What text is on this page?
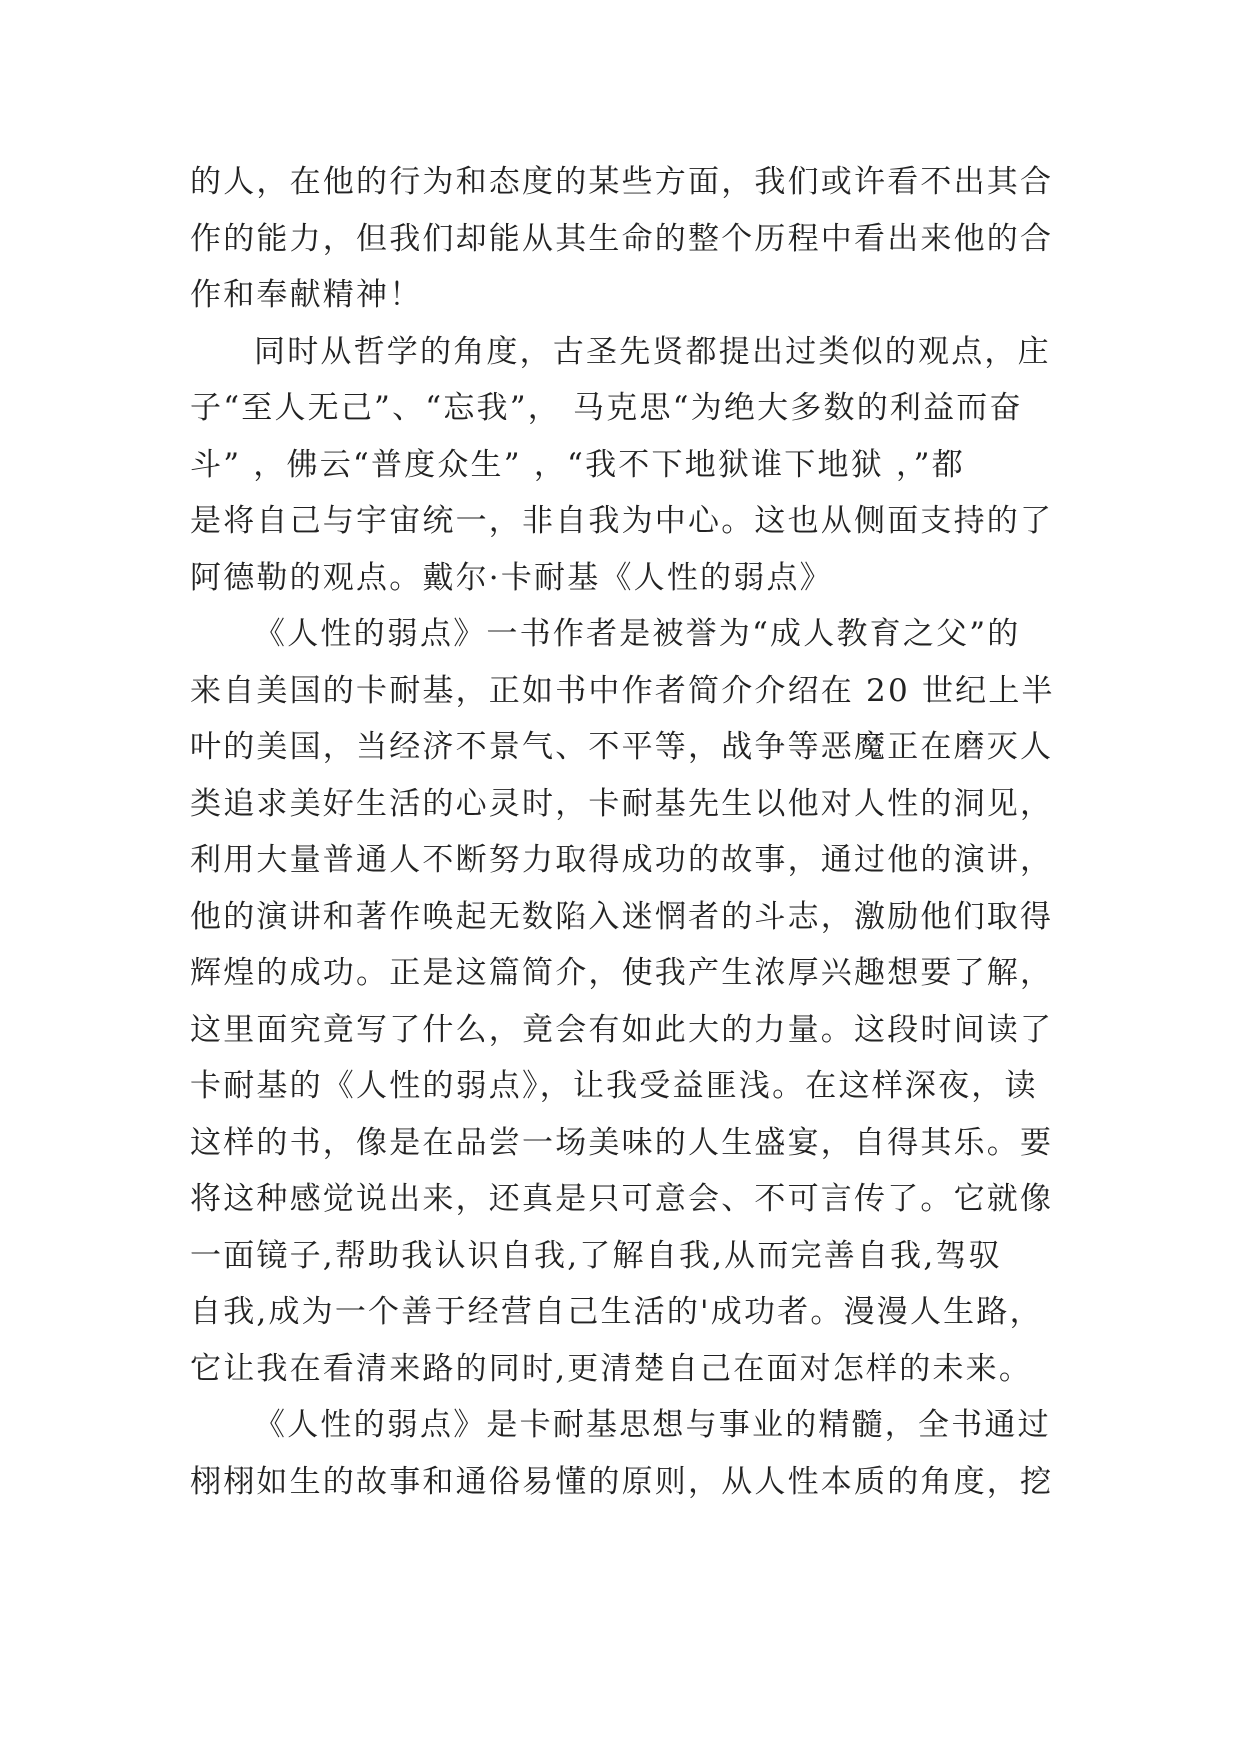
的人，在他的行为和态度的某些方面，我们或许看不出其合
作的能力，但我们却能从其生命的整个历程中看出来他的合
作和奉献精神！
同时从哲学的角度，古圣先贤都提出过类似的观点，庄
子“至人无己”、“忘我”， 马克思“为绝大多数的利益而奋
斗” ，佛云“普度众生” ，“我不下地狱谁下地狱 ，”都
是将自己与宇宙统一，非自我为中心。这也从侧面支持的了
阿德勒的观点。戴尔·卡耐基《人性的弱点》
《人性的弱点》一书作者是被誉为“成人教育之父”的
来自美国的卡耐基，正如书中作者简介介绍在 20 世纪上半
叶的美国，当经济不景气、不平等，战争等恶魔正在磨灭人
类追求美好生活的心灵时，卡耐基先生以他对人性的洞见，
利用大量普通人不断努力取得成功的故事，通过他的演讲，
他的演讲和著作唤起无数陷入迷惘者的斗志，激励他们取得
辉煌的成功。正是这篇简介，使我产生浓厚兴趣想要了解，
这里面究竟写了什么，竟会有如此大的力量。这段时间读了
卡耐基的《人性的弱点》，让我受益匪浅。在这样深夜，读
这样的书，像是在品尝一场美味的人生盛宴，自得其乐。要
将这种感觉说出来，还真是只可意会、不可言传了。它就像
一面镜子,帮助我认识自我,了解自我,从而完善自我,驾驭
自我,成为一个善于经营自己生活的'成功者。漫漫人生路，
它让我在看清来路的同时,更清楚自己在面对怎样的未来。
《人性的弱点》是卡耐基思想与事业的精髓，全书通过
栩栩如生的故事和通俗易懂的原则，从人性本质的角度，挖
